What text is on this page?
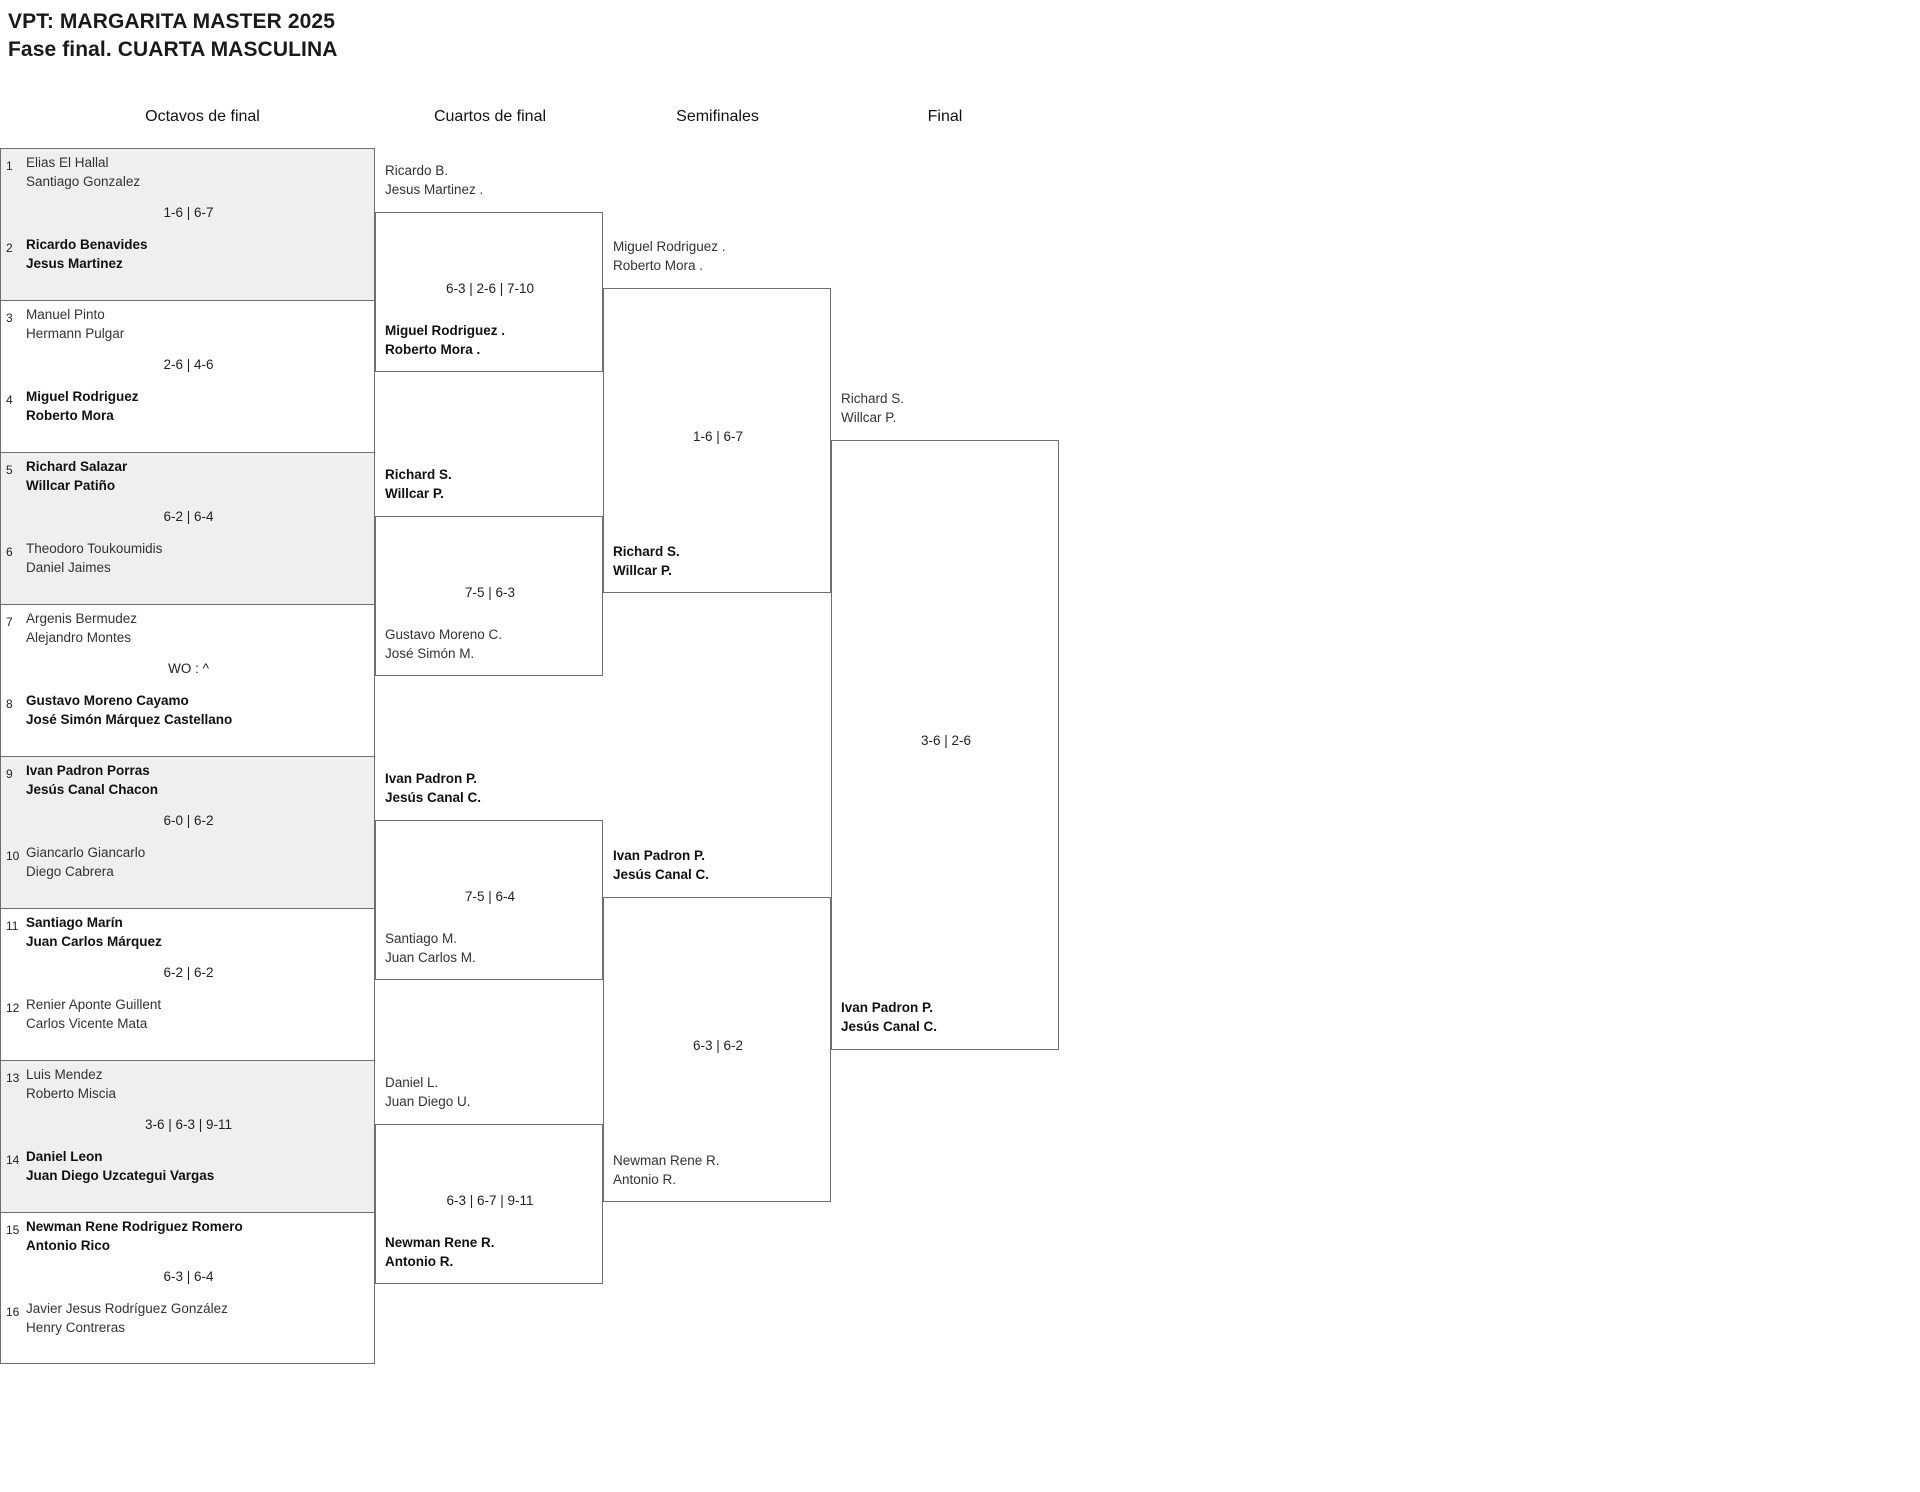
VPT: MARGARITA MASTER 2025
Fase final. CUARTA MASCULINA
Octavos de final	Cuartos de final	Semifinales	Final
1 Elias El Hallal
Santiago Gonzalez
1-6 | 6-7
2 Ricardo Benavides
Jesus Martinez
3 Manuel Pinto
Hermann Pulgar
2-6 | 4-6
4 Miguel Rodriguez
Roberto Mora
5 Richard Salazar
Willcar Patiño
6-2 | 6-4
6 Theodoro Toukoumidis
Daniel Jaimes
7 Argenis Bermudez
Alejandro Montes
WO : ^
8 Gustavo Moreno Cayamo
José Simón Márquez Castellano
9 Ivan Padron Porras
Jesús Canal Chacon
6-0 | 6-2
10 Giancarlo Giancarlo
Diego Cabrera
11 Santiago Marín
Juan Carlos Márquez
6-2 | 6-2
12 Renier Aponte Guillent
Carlos Vicente Mata
13 Luis Mendez
Roberto Miscia
3-6 | 6-3 | 9-11
14 Daniel Leon
Juan Diego Uzcategui Vargas
15 Newman Rene Rodriguez Romero
Antonio Rico
6-3 | 6-4
16 Javier Jesus Rodríguez González
Henry Contreras
Ricardo B.
Jesus Martinez .
6-3 | 2-6 | 7-10
Miguel Rodriguez .
Roberto Mora .
Richard S.
Willcar P.
7-5 | 6-3
Gustavo Moreno C.
José Simón M.
Ivan Padron P.
Jesús Canal C.
7-5 | 6-4
Santiago M.
Juan Carlos M.
Daniel L.
Juan Diego U.
6-3 | 6-7 | 9-11
Newman Rene R.
Antonio R.
Miguel Rodriguez .
Roberto Mora .
1-6 | 6-7
Richard S.
Willcar P.
Ivan Padron P.
Jesús Canal C.
6-3 | 6-2
Newman Rene R.
Antonio R.
Richard S.
Willcar P.
3-6 | 2-6
Ivan Padron P.
Jesús Canal C.
